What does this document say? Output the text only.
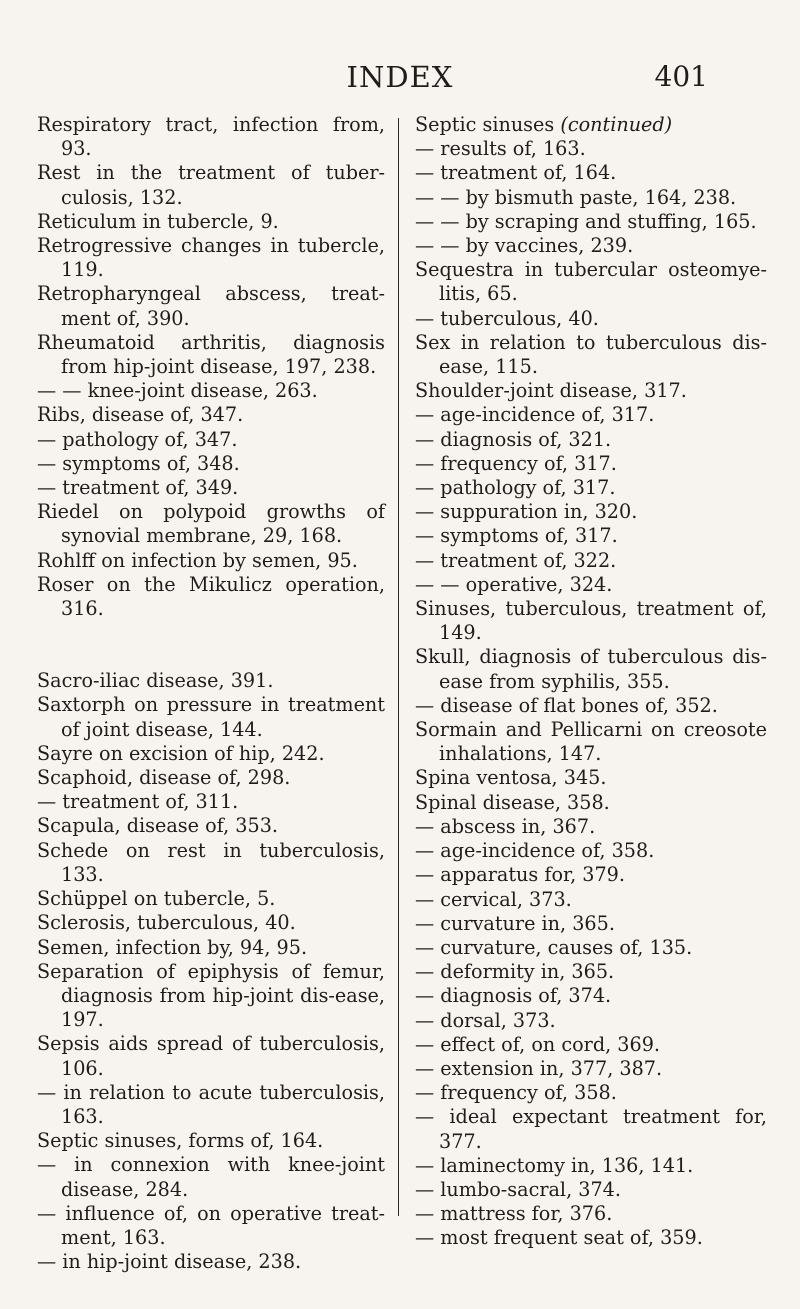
INDEX	401
Respiratory tract, infection from, 93.
Rest in the treatment of tuber-culosis, 132.
Reticulum in tubercle, 9.
Retrogressive changes in tubercle, 119.
Retropharyngeal abscess, treat-ment of, 390.
Rheumatoid arthritis, diagnosis from hip-joint disease, 197, 238.
— — knee-joint disease, 263.
Ribs, disease of, 347.
— pathology of, 347.
— symptoms of, 348.
— treatment of, 349.
Riedel on polypoid growths of synovial membrane, 29, 168.
Rohlff on infection by semen, 95.
Roser on the Mikulicz operation, 316.
Sacro-iliac disease, 391.
Saxtorph on pressure in treatment of joint disease, 144.
Sayre on excision of hip, 242.
Scaphoid, disease of, 298.
— treatment of, 311.
Scapula, disease of, 353.
Schede on rest in tuberculosis, 133.
Schüppel on tubercle, 5.
Sclerosis, tuberculous, 40.
Semen, infection by, 94, 95.
Separation of epiphysis of femur, diagnosis from hip-joint dis-ease, 197.
Sepsis aids spread of tuberculosis, 106.
— in relation to acute tuberculosis, 163.
Septic sinuses, forms of, 164.
— in connexion with knee-joint disease, 284.
— influence of, on operative treat-ment, 163.
— in hip-joint disease, 238.
Septic sinuses (continued)
— results of, 163.
— treatment of, 164.
— — by bismuth paste, 164, 238.
— — by scraping and stuffing, 165.
— — by vaccines, 239.
Sequestra in tubercular osteomye-litis, 65.
— tuberculous, 40.
Sex in relation to tuberculous dis-ease, 115.
Shoulder-joint disease, 317.
— age-incidence of, 317.
— diagnosis of, 321.
— frequency of, 317.
— pathology of, 317.
— suppuration in, 320.
— symptoms of, 317.
— treatment of, 322.
— — operative, 324.
Sinuses, tuberculous, treatment of, 149.
Skull, diagnosis of tuberculous dis-ease from syphilis, 355.
— disease of flat bones of, 352.
Sormain and Pellicarni on creosote inhalations, 147.
Spina ventosa, 345.
Spinal disease, 358.
— abscess in, 367.
— age-incidence of, 358.
— apparatus for, 379.
— cervical, 373.
— curvature in, 365.
— curvature, causes of, 135.
— deformity in, 365.
— diagnosis of, 374.
— dorsal, 373.
— effect of, on cord, 369.
— extension in, 377, 387.
— frequency of, 358.
— ideal expectant treatment for, 377.
— laminectomy in, 136, 141.
— lumbo-sacral, 374.
— mattress for, 376.
— most frequent seat of, 359.
